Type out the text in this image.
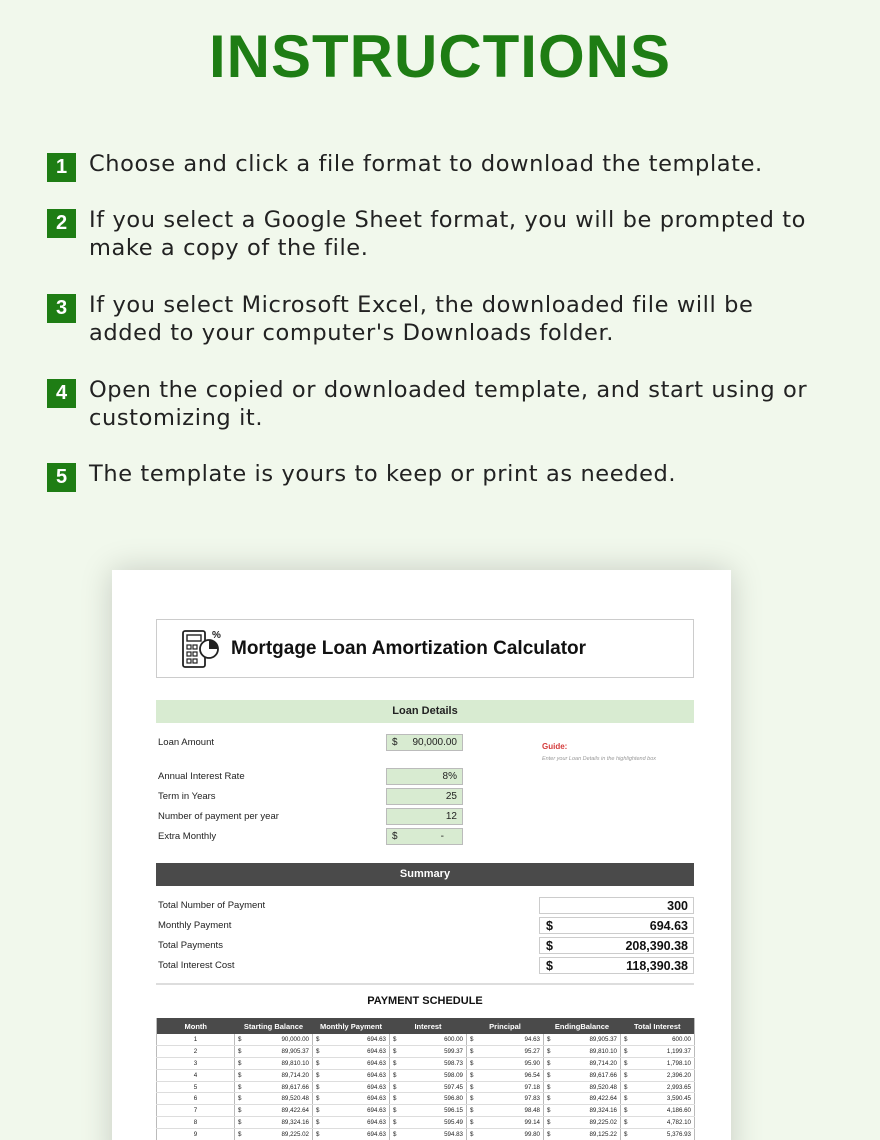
INSTRUCTIONS
1 Choose and click a file format to download the template.
2 If you select a Google Sheet format, you will be prompted to
make a copy of the file.
3 If you select Microsoft Excel, the downloaded file will be
added to your computer's Downloads folder.
4 Open the copied or downloaded template, and start using or
customizing it.
5 The template is yours to keep or print as needed.
%
Mortgage Loan Amortization Calculator
Loan Details
Loan Amount	$ 90,000.00	Guide:
Enter your Loan Details in the highlightend box
Annual Interest Rate	8%
Term in Years	25
Number of payment per year	12
Extra Monthly	$	-
Summary
Total Number of Payment	300
Monthly Payment	$	694.63
Total Payments	$	208,390.38
Total Interest Cost	$	118,390.38
PAYMENT SCHEDULE
Month	Starting Balance	Monthly Payment	Interest	Principal	EndingBalance	Total Interest
1	$ 90,000.00	$ 694.63	$ 600.00	$ 94.63	$ 89,905.37	$ 600.00
2	$ 89,905.37	$ 694.63	$ 599.37	$ 95.27	$ 89,810.10	$ 1,199.37
3	$ 89,810.10	$ 694.63	$ 598.73	$ 95.90	$ 89,714.20	$ 1,798.10
4	$ 89,714.20	$ 694.63	$ 598.09	$ 96.54	$ 89,617.66	$ 2,396.20
5	$ 89,617.66	$ 694.63	$ 597.45	$ 97.18	$ 89,520.48	$ 2,993.65
6	$ 89,520.48	$ 694.63	$ 596.80	$ 97.83	$ 89,422.64	$ 3,590.45
7	$ 89,422.64	$ 694.63	$ 596.15	$ 98.48	$ 89,324.16	$ 4,186.60
8	$ 89,324.16	$ 694.63	$ 595.49	$ 99.14	$ 89,225.02	$ 4,782.10
9	$ 89,225.02	$ 694.63	$ 594.83	$ 99.80	$ 89,125.22	$ 5,376.93
